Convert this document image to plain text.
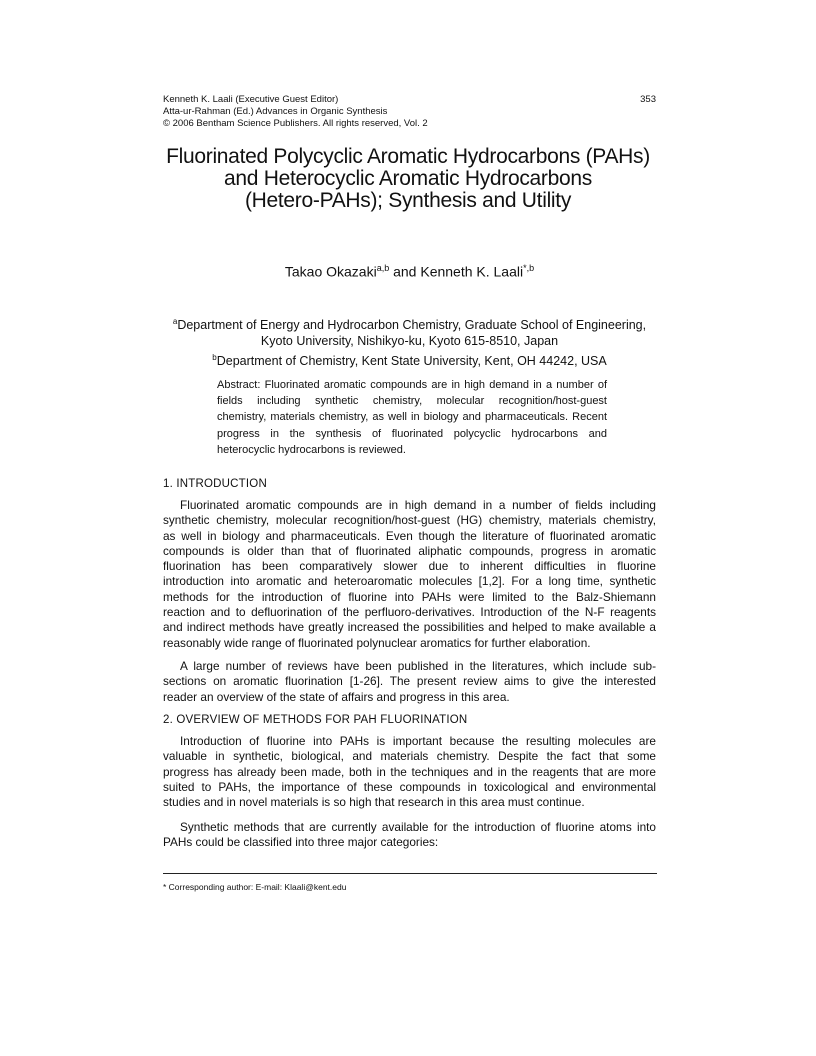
Kenneth K. Laali (Executive Guest Editor)
Atta-ur-Rahman (Ed.) Advances in Organic Synthesis
© 2006 Bentham Science Publishers. All rights reserved, Vol. 2
353
Fluorinated Polycyclic Aromatic Hydrocarbons (PAHs)
and Heterocyclic Aromatic Hydrocarbons
(Hetero-PAHs); Synthesis and Utility
Takao Okazaki$^{a,b}$ and Kenneth K. Laali$^{*,b}$
$^a$Department of Energy and Hydrocarbon Chemistry, Graduate School of Engineering,
Kyoto University, Nishikyo-ku, Kyoto 615-8510, Japan
$^b$Department of Chemistry, Kent State University, Kent, OH 44242, USA
Abstract: Fluorinated aromatic compounds are in high demand in a number of
fields including synthetic chemistry, molecular recognition/host-guest
chemistry, materials chemistry, as well in biology and pharmaceuticals. Recent
progress in the synthesis of fluorinated polycyclic hydrocarbons and
heterocyclic hydrocarbons is reviewed.
1. INTRODUCTION
Fluorinated aromatic compounds are in high demand in a number of fields including
synthetic chemistry, molecular recognition/host-guest (HG) chemistry, materials chemistry,
as well in biology and pharmaceuticals. Even though the literature of fluorinated aromatic
compounds is older than that of fluorinated aliphatic compounds, progress in aromatic
fluorination has been comparatively slower due to inherent difficulties in fluorine
introduction into aromatic and heteroaromatic molecules [1,2]. For a long time, synthetic
methods for the introduction of fluorine into PAHs were limited to the Balz-Shiemann
reaction and to defluorination of the perfluoro-derivatives. Introduction of the N-F reagents
and indirect methods have greatly increased the possibilities and helped to make available a
reasonably wide range of fluorinated polynuclear aromatics for further elaboration.
A large number of reviews have been published in the literatures, which include sub-
sections on aromatic fluorination [1-26]. The present review aims to give the interested
reader an overview of the state of affairs and progress in this area.
2. OVERVIEW OF METHODS FOR PAH FLUORINATION
Introduction of fluorine into PAHs is important because the resulting molecules are
valuable in synthetic, biological, and materials chemistry. Despite the fact that some
progress has already been made, both in the techniques and in the reagents that are more
suited to PAHs, the importance of these compounds in toxicological and environmental
studies and in novel materials is so high that research in this area must continue.
Synthetic methods that are currently available for the introduction of fluorine atoms into
PAHs could be classified into three major categories:
* Corresponding author: E-mail: Klaali@kent.edu
